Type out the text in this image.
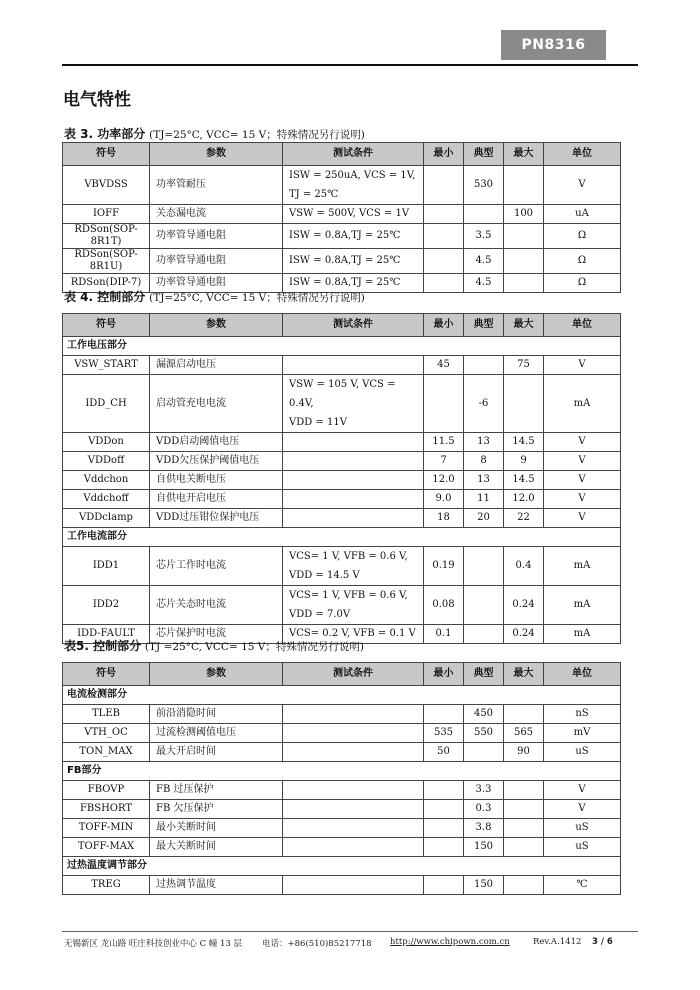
PN8316
电气特性
表 3. 功率部分 (TJ=25°C, VCC= 15 V；特殊情况另行说明)
符号	参数	测试条件	最小	典型	最大	单位
VBVDSS	功率管耐压	ISW = 250uA, VCS = 1V,
TJ = 25℃		530		V
IOFF	关态漏电流	VSW = 500V, VCS = 1V			100	uA
RDSon(SOP-8R1T)	功率管导通电阻	ISW = 0.8A,TJ = 25℃		3.5		Ω
RDSon(SOP-8R1U)	功率管导通电阻	ISW = 0.8A,TJ = 25℃		4.5		Ω
RDSon(DIP-7)	功率管导通电阻	ISW = 0.8A,TJ = 25℃		4.5		Ω
表 4. 控制部分 (TJ=25°C, VCC= 15 V；特殊情况另行说明)
符号	参数	测试条件	最小	典型	最大	单位
工作电压部分						
VSW_START	漏源启动电压		45		75	V
IDD_CH	启动管充电电流	VSW = 105 V, VCS = 0.4V,
VDD = 11V		-6		mA
VDDon	VDD启动阈值电压		11.5	13	14.5	V
VDDoff	VDD欠压保护阈值电压		7	8	9	V
Vddchon	自供电关断电压		12.0	13	14.5	V
Vddchoff	自供电开启电压		9.0	11	12.0	V
VDDclamp	VDD过压钳位保护电压		18	20	22	V
工作电流部分						
IDD1	芯片工作时电流	VCS= 1 V, VFB = 0.6 V,
VDD = 14.5 V	0.19		0.4	mA
IDD2	芯片关态时电流	VCS= 1 V, VFB = 0.6 V,
VDD = 7.0V	0.08		0.24	mA
IDD-FAULT	芯片保护时电流	VCS= 0.2 V, VFB = 0.1 V	0.1		0.24	mA
表5. 控制部分 (TJ =25°C, VCC= 15 V；特殊情况另行说明)
符号	参数	测试条件	最小	典型	最大	单位
电流检测部分						
TLEB	前沿消隐时间			450		nS
VTH_OC	过流检测阈值电压		535	550	565	mV
TON_MAX	最大开启时间		50		90	uS
FB部分						
FBOVP	FB 过压保护			3.3		V
FBSHORT	FB 欠压保护			0.3		V
TOFF-MIN	最小关断时间			3.8		uS
TOFF-MAX	最大关断时间			150		uS
过热温度调节部分						
TREG	过热调节温度			150		℃
无锡新区 龙山路 旺庄科技创业中心 C 幢 13 层 电话：+86(510)85217718 http://www.chipown.com.cn	Rev.A.1412 3 / 6
